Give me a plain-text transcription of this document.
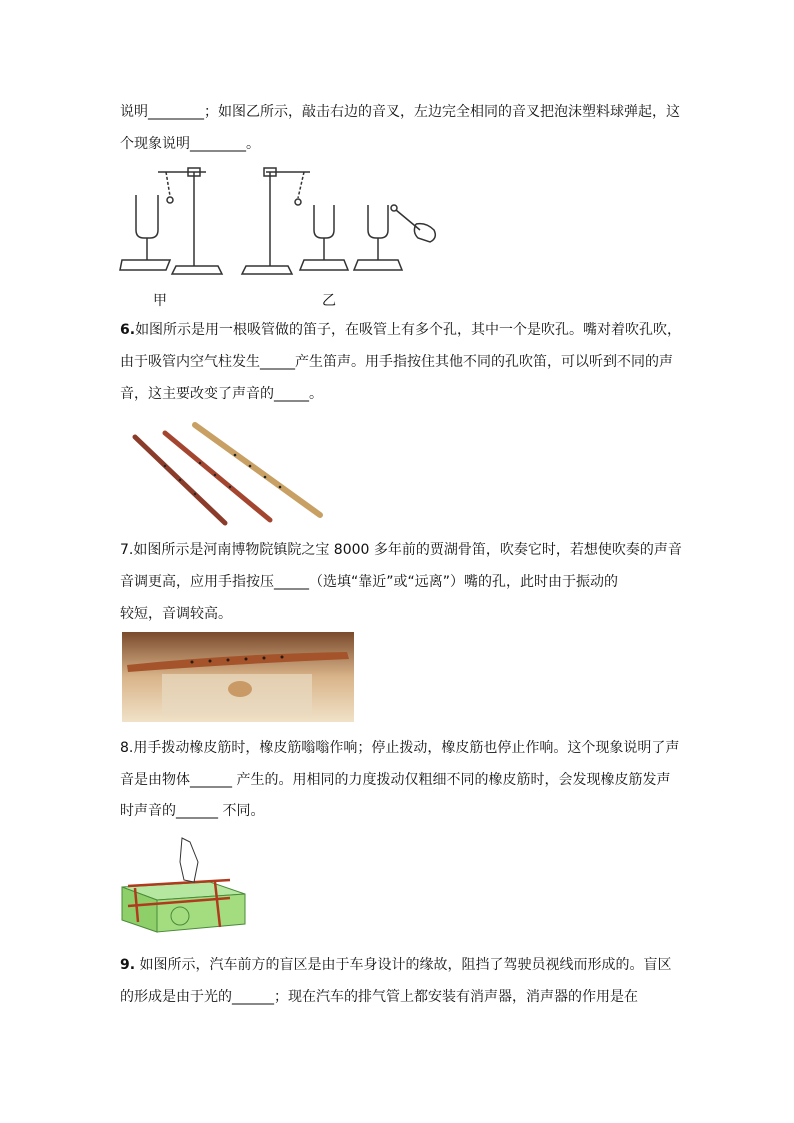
说明________；如图乙所示，敲击右边的音叉，左边完全相同的音叉把泡沫塑料球弹起，这
个现象说明________。
甲	乙
6.如图所示是用一根吸管做的笛子，在吸管上有多个孔，其中一个是吹孔。嘴对着吹孔吹，
由于吸管内空气柱发生_____产生笛声。用手指按住其他不同的孔吹笛，可以听到不同的声
音，这主要改变了声音的_____。
7.如图所示是河南博物院镇院之宝 8000 多年前的贾湖骨笛，吹奏它时，若想使吹奏的声音
音调更高，应用手指按压_____（选填“靠近”或“远离”）嘴的孔，此时由于振动的
较短，音调较高。
8.用手拨动橡皮筋时，橡皮筋嗡嗡作响；停止拨动，橡皮筋也停止作响。这个现象说明了声
音是由物体______ 产生的。用相同的力度拨动仅粗细不同的橡皮筋时，会发现橡皮筋发声
时声音的______ 不同。
9. 如图所示，汽车前方的盲区是由于车身设计的缘故，阻挡了驾驶员视线而形成的。盲区
的形成是由于光的______；现在汽车的排气管上都安装有消声器，消声器的作用是在
